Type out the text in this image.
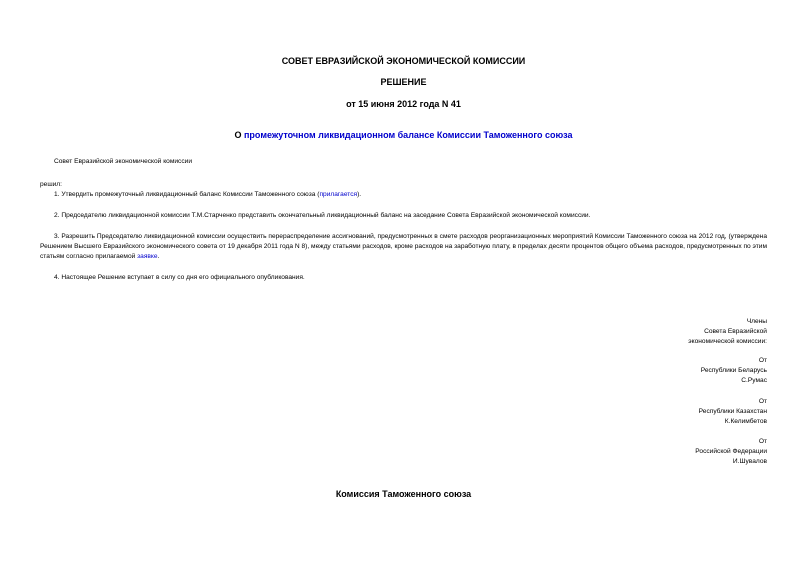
СОВЕТ ЕВРАЗИЙСКОЙ ЭКОНОМИЧЕСКОЙ КОМИССИИ
РЕШЕНИЕ
от 15 июня 2012 года N 41
О промежуточном ликвидационном балансе Комиссии Таможенного союза
Совет Евразийской экономической комиссии
решил:
1. Утвердить промежуточный ликвидационный баланс Комиссии Таможенного союза (прилагается).
2. Председателю ликвидационной комиссии Т.М.Старченко представить окончательный ликвидационный баланс на заседание Совета Евразийской экономической комиссии.
3. Разрешить Председателю ликвидационной комиссии осуществить перераспределение ассигнований, предусмотренных в смете расходов реорганизационных мероприятий Комиссии Таможенного союза на 2012 год, (утверждена Решением Высшего Евразийского экономического совета от 19 декабря 2011 года N 8), между статьями расходов, кроме расходов на заработную плату, в пределах десяти процентов общего объема расходов, предусмотренных по этим статьям согласно прилагаемой заявке.
4. Настоящее Решение вступает в силу со дня его официального опубликования.
Члены
Совета Евразийской
экономической комиссии:
От
Республики Беларусь
С.Румас
От
Республики Казахстан
К.Келимбетов
От
Российской Федерации
И.Шувалов
Комиссия Таможенного союза
